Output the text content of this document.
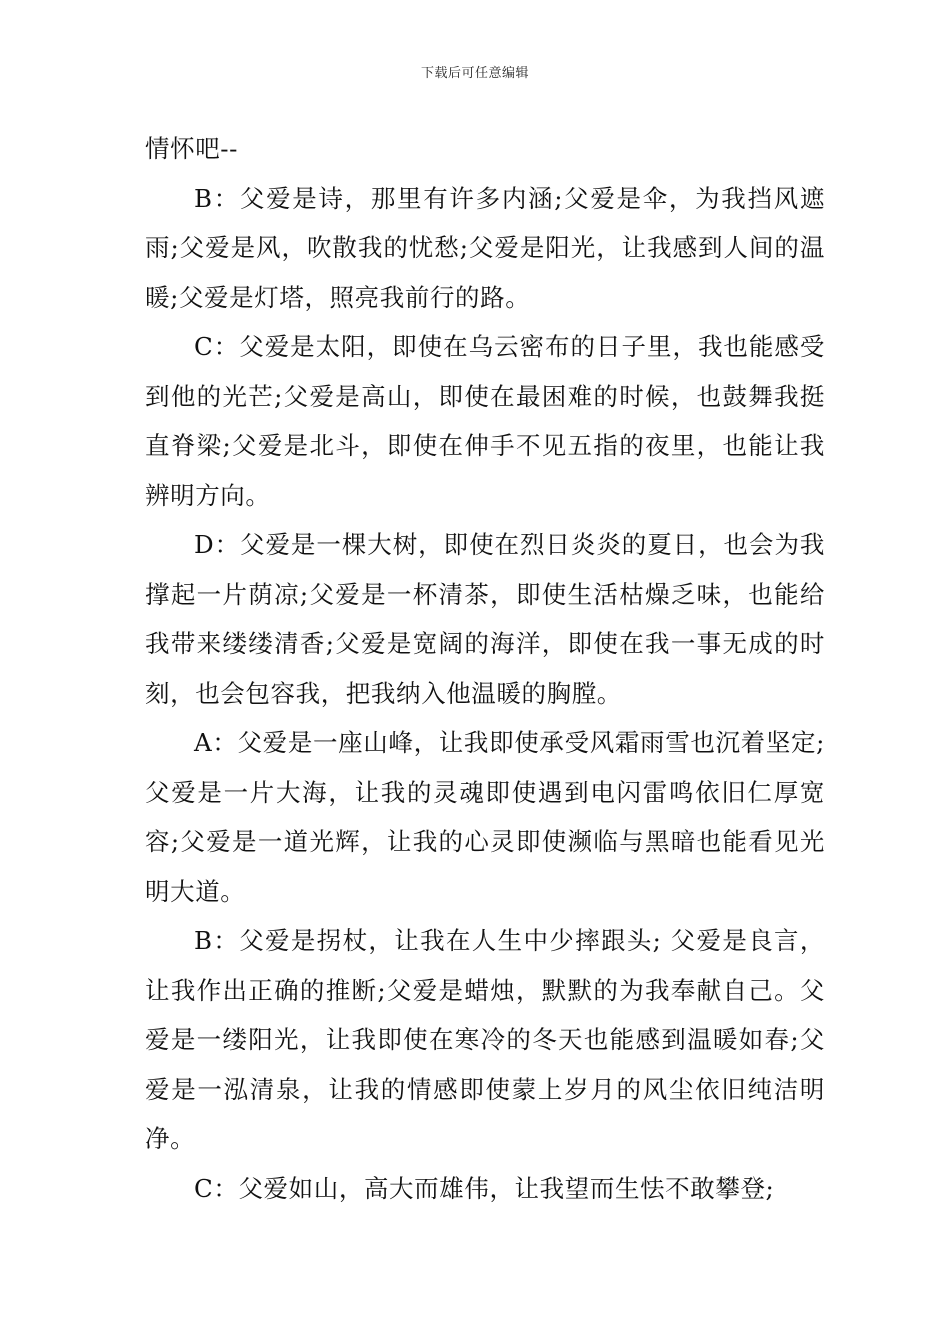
下载后可任意编辑

情怀吧--

B：父爱是诗，那里有许多内涵;父爱是伞，为我挡风遮雨;父爱是风，吹散我的忧愁;父爱是阳光，让我感到人间的温暖;父爱是灯塔，照亮我前行的路。

C：父爱是太阳，即使在乌云密布的日子里，我也能感受到他的光芒;父爱是高山，即使在最困难的时候，也鼓舞我挺直脊梁;父爱是北斗，即使在伸手不见五指的夜里，也能让我辨明方向。

D：父爱是一棵大树，即使在烈日炎炎的夏日，也会为我撑起一片荫凉;父爱是一杯清茶，即使生活枯燥乏味，也能给我带来缕缕清香;父爱是宽阔的海洋，即使在我一事无成的时刻，也会包容我，把我纳入他温暖的胸膛。

A：父爱是一座山峰，让我即使承受风霜雨雪也沉着坚定;父爱是一片大海，让我的灵魂即使遇到电闪雷鸣依旧仁厚宽容;父爱是一道光辉，让我的心灵即使濒临与黑暗也能看见光明大道。

B：父爱是拐杖，让我在人生中少摔跟头; 父爱是良言，让我作出正确的推断;父爱是蜡烛，默默的为我奉献自己。父爱是一缕阳光，让我即使在寒冷的冬天也能感到温暖如春;父爱是一泓清泉，让我的情感即使蒙上岁月的风尘依旧纯洁明净。

C：父爱如山，高大而雄伟，让我望而生怯不敢攀登;
